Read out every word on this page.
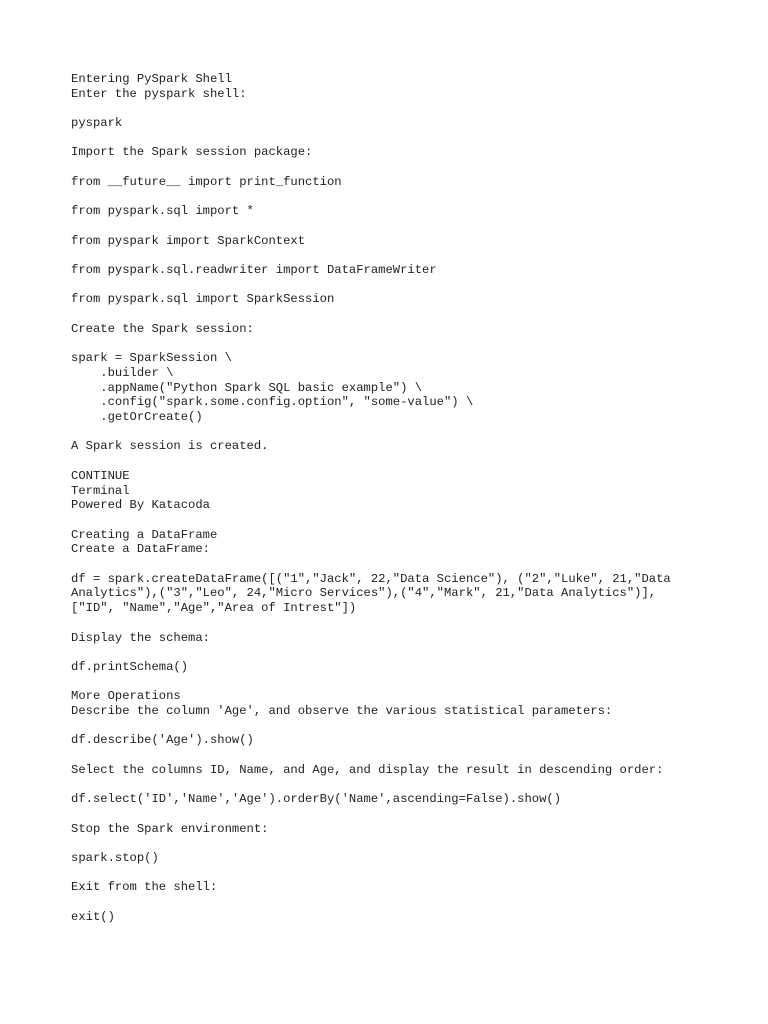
Entering PySpark Shell
Enter the pyspark shell:
pyspark
Import the Spark session package:
from __future__ import print_function
from pyspark.sql import *
from pyspark import SparkContext
from pyspark.sql.readwriter import DataFrameWriter
from pyspark.sql import SparkSession
Create the Spark session:
spark = SparkSession \
.builder \
.appName("Python Spark SQL basic example") \
.config("spark.some.config.option", "some-value") \
.getOrCreate()
A Spark session is created.
CONTINUE
Terminal
Powered By Katacoda
Creating a DataFrame
Create a DataFrame:
df = spark.createDataFrame([("1","Jack", 22,"Data Science"), ("2","Luke", 21,"Data
Analytics"),("3","Leo", 24,"Micro Services"),("4","Mark", 21,"Data Analytics")],
["ID", "Name","Age","Area of Intrest"])
Display the schema:
df.printSchema()
More Operations
Describe the column 'Age', and observe the various statistical parameters:
df.describe('Age').show()
Select the columns ID, Name, and Age, and display the result in descending order:
df.select('ID','Name','Age').orderBy('Name',ascending=False).show()
Stop the Spark environment:
spark.stop()
Exit from the shell:
exit()
